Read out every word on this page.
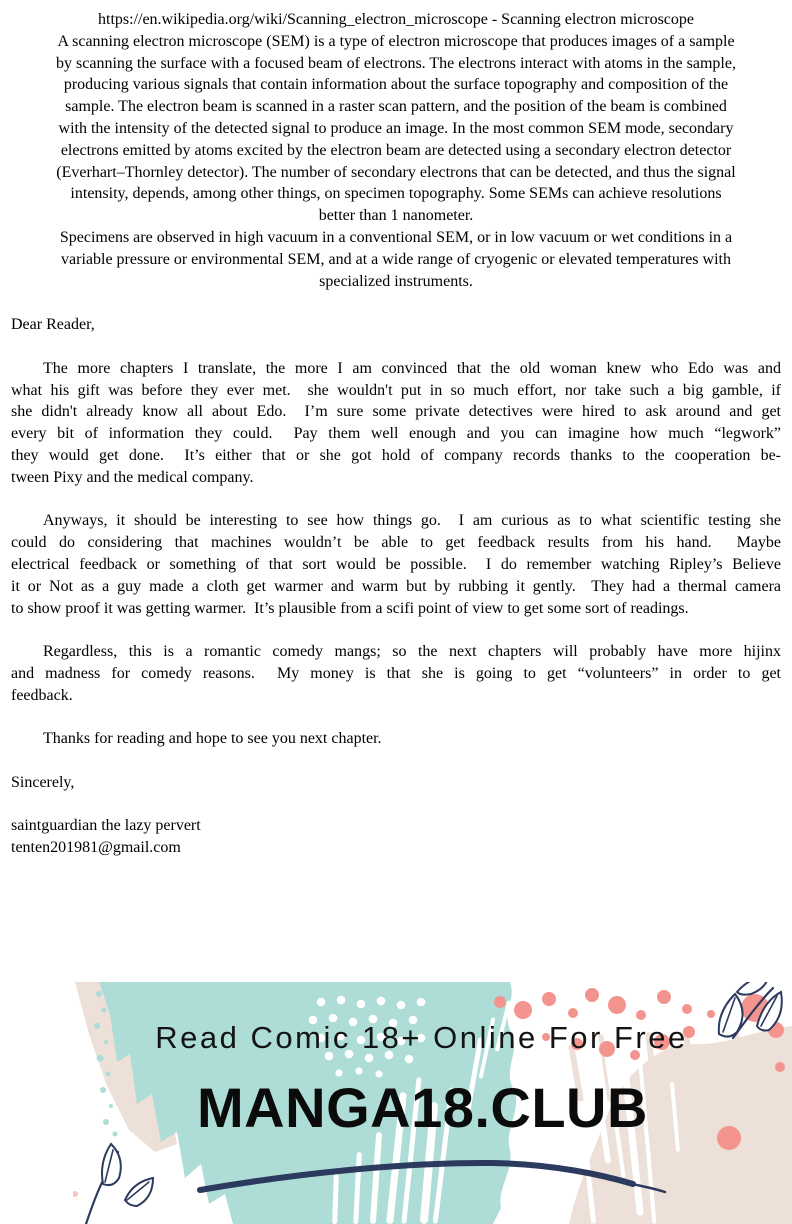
https://en.wikipedia.org/wiki/Scanning_electron_microscope - Scanning electron microscope
A scanning electron microscope (SEM) is a type of electron microscope that produces images of a sample
by scanning the surface with a focused beam of electrons. The electrons interact with atoms in the sample,
producing various signals that contain information about the surface topography and composition of the
sample. The electron beam is scanned in a raster scan pattern, and the position of the beam is combined
with the intensity of the detected signal to produce an image. In the most common SEM mode, secondary
electrons emitted by atoms excited by the electron beam are detected using a secondary electron detector
(Everhart–Thornley detector). The number of secondary electrons that can be detected, and thus the signal
intensity, depends, among other things, on specimen topography. Some SEMs can achieve resolutions
better than 1 nanometer.
Specimens are observed in high vacuum in a conventional SEM, or in low vacuum or wet conditions in a
variable pressure or environmental SEM, and at a wide range of cryogenic or elevated temperatures with
specialized instruments.
Dear Reader,
The more chapters I translate, the more I am convinced that the old woman knew who Edo was and
what his gift was before they ever met.  she wouldn't put in so much effort, nor take such a big gamble, if
she didn't already know all about Edo.  I’m sure some private detectives were hired to ask around and get
every bit of information they could.  Pay them well enough and you can imagine how much “legwork”
they would get done.  It’s either that or she got hold of company records thanks to the cooperation be-
tween Pixy and the medical company.
Anyways, it should be interesting to see how things go.  I am curious as to what scientific testing she
could do considering that machines wouldn’t be able to get feedback results from his hand.  Maybe
electrical feedback or something of that sort would be possible.  I do remember watching Ripley’s Believe
it or Not as a guy made a cloth get warmer and warm but by rubbing it gently.  They had a thermal camera
to show proof it was getting warmer.  It’s plausible from a scifi point of view to get some sort of readings.
Regardless, this is a romantic comedy mangs; so the next chapters will probably have more hijinx
and madness for comedy reasons.  My money is that she is going to get “volunteers” in order to get
feedback.
Thanks for reading and hope to see you next chapter.
Sincerely,
saintguardian the lazy pervert
tenten201981@gmail.com
Read Comic 18+ Online For Free
MANGA18.CLUB
